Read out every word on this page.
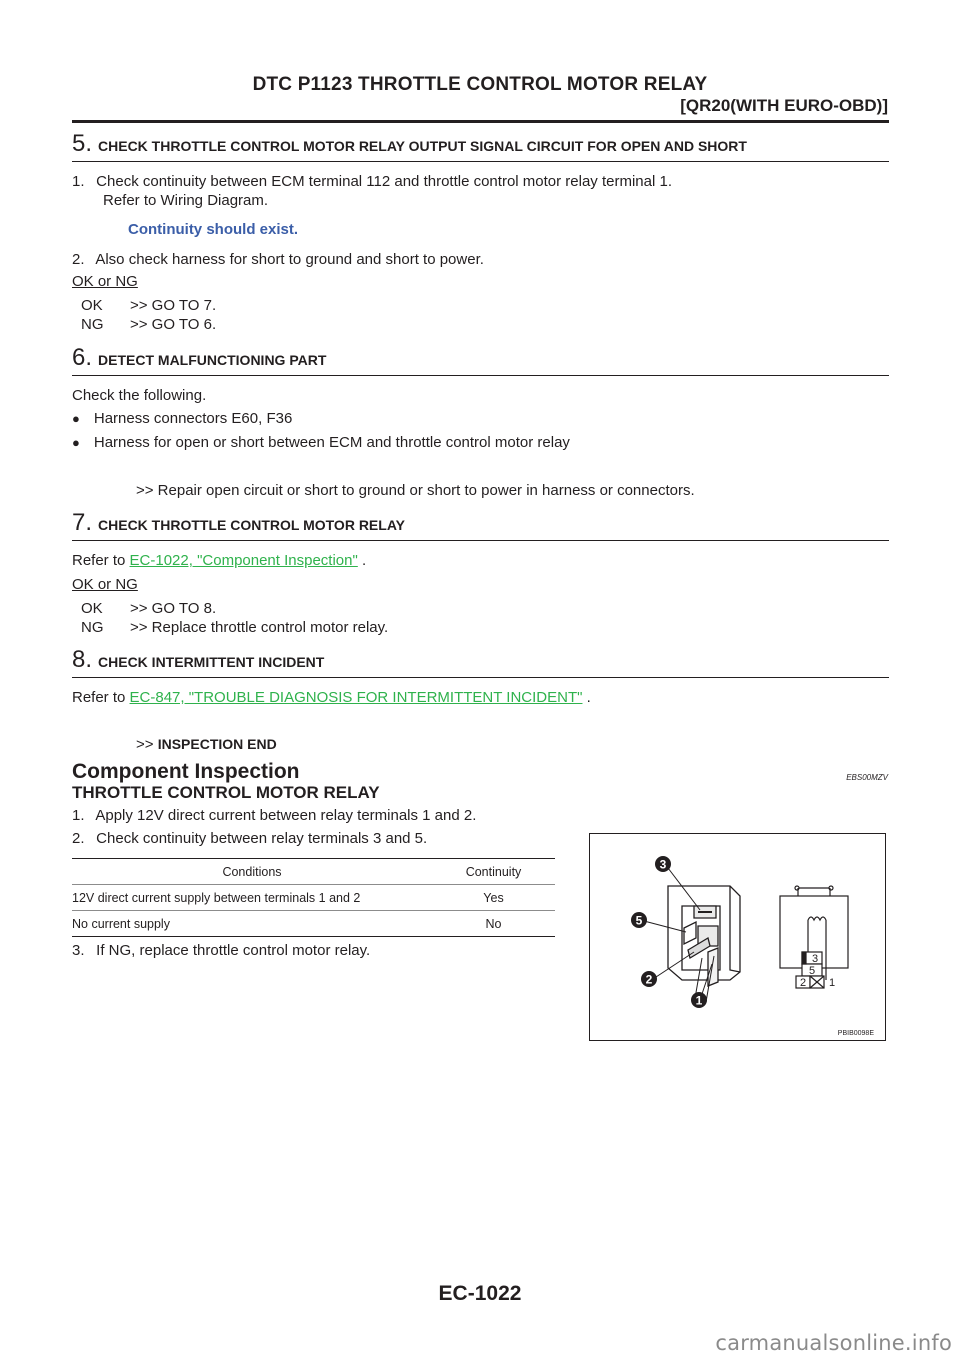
DTC P1123 THROTTLE CONTROL MOTOR RELAY
[QR20(WITH EURO-OBD)]
5. CHECK THROTTLE CONTROL MOTOR RELAY OUTPUT SIGNAL CIRCUIT FOR OPEN AND SHORT
1.  Check continuity between ECM terminal 112 and throttle control motor relay terminal 1.
Refer to Wiring Diagram.
Continuity should exist.
2.  Also check harness for short to ground and short to power.
OK or NG
OK >> GO TO 7.
NG >> GO TO 6.
6. DETECT MALFUNCTIONING PART
Check the following.
● Harness connectors E60, F36
● Harness for open or short between ECM and throttle control motor relay
>> Repair open circuit or short to ground or short to power in harness or connectors.
7. CHECK THROTTLE CONTROL MOTOR RELAY
Refer to EC-1022, "Component Inspection" .
OK or NG
OK >> GO TO 8.
NG >> Replace throttle control motor relay.
8. CHECK INTERMITTENT INCIDENT
Refer to EC-847, "TROUBLE DIAGNOSIS FOR INTERMITTENT INCIDENT" .
>> INSPECTION END
Component Inspection	EBS00MZV
THROTTLE CONTROL MOTOR RELAY
1.  Apply 12V direct current between relay terminals 1 and 2.
2.  Check continuity between relay terminals 3 and 5.
Conditions	Continuity
12V direct current supply between terminals 1 and 2	Yes
No current supply	No
3.  If NG, replace throttle control motor relay.
3
5
2
1
3
5
2 1
PBIB0098E
EC-1022
carmanualsonline.info
